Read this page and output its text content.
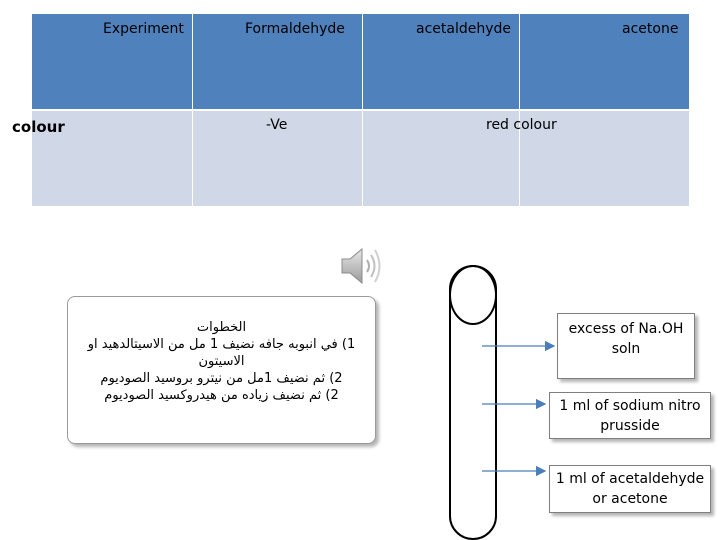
Experiment	Formaldehyde	acetaldehyde	acetone
colour	-Ve	red colour
الخطوات
1) في انبوبه جافه نضيف 1 مل من الاسيتالدهيد او
الاسيتون
2) ثم نضيف 1مل من نيترو بروسيد الصوديوم
2) ثم نضيف زياده من هيدروكسيد الصوديوم
excess of Na.OH
soln
1 ml of sodium nitro
prusside
1 ml of acetaldehyde
or acetone
